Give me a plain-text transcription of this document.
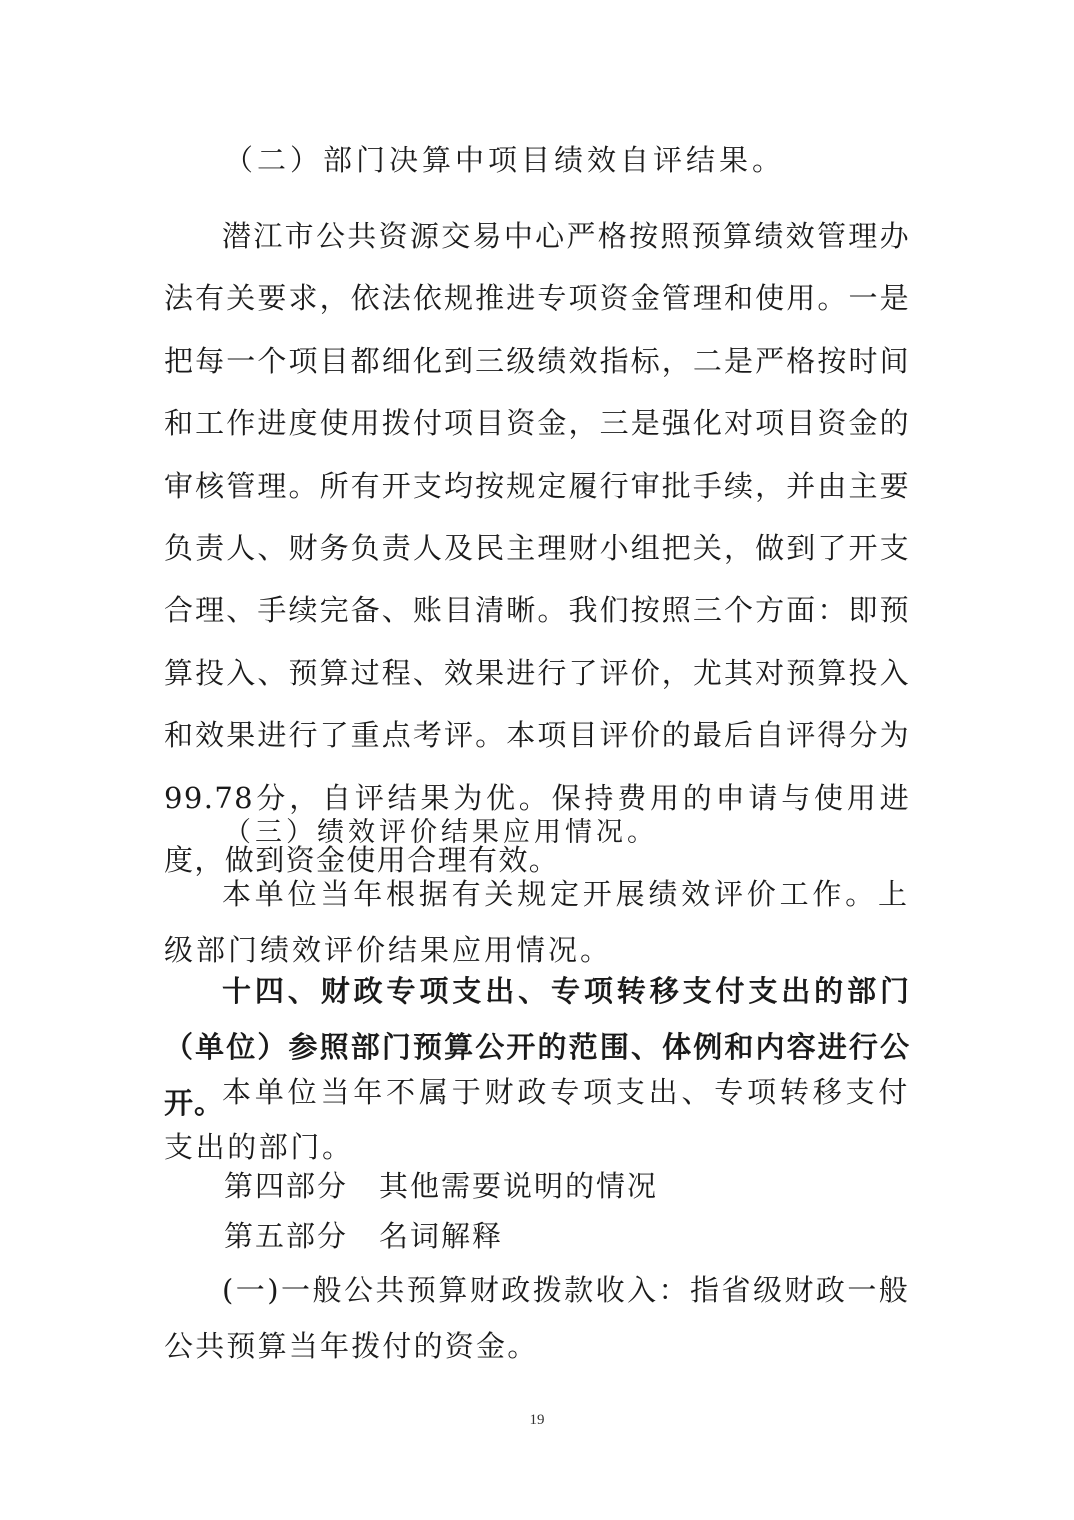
（二）部门决算中项目绩效自评结果。

潜江市公共资源交易中心严格按照预算绩效管理办法有关要求，依法依规推进专项资金管理和使用。一是把每一个项目都细化到三级绩效指标，二是严格按时间和工作进度使用拨付项目资金，三是强化对项目资金的审核管理。所有开支均按规定履行审批手续，并由主要负责人、财务负责人及民主理财小组把关，做到了开支合理、手续完备、账目清晰。我们按照三个方面：即预算投入、预算过程、效果进行了评价，尤其对预算投入和效果进行了重点考评。本项目评价的最后自评得分为99.78分，自评结果为优。保持费用的申请与使用进度，做到资金使用合理有效。

（三）绩效评价结果应用情况。

本单位当年根据有关规定开展绩效评价工作。上级部门绩效评价结果应用情况。

十四、财政专项支出、专项转移支付支出的部门（单位）参照部门预算公开的范围、体例和内容进行公开。

本单位当年不属于财政专项支出、专项转移支付支出的部门。

第四部分　其他需要说明的情况
第五部分　名词解释

(一)一般公共预算财政拨款收入：指省级财政一般公共预算当年拨付的资金。

19
